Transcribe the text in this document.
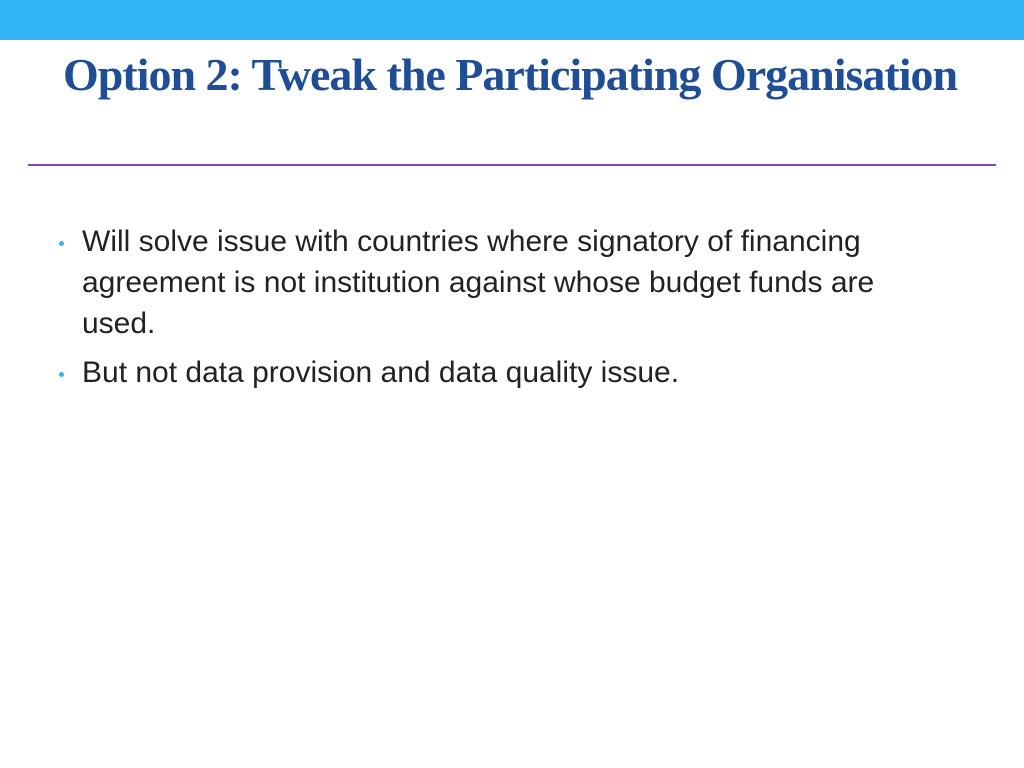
Option 2: Tweak the Participating Organisation
Will solve issue with countries where signatory of financing agreement is not institution against whose budget funds are used.
But not data provision and data quality issue.
